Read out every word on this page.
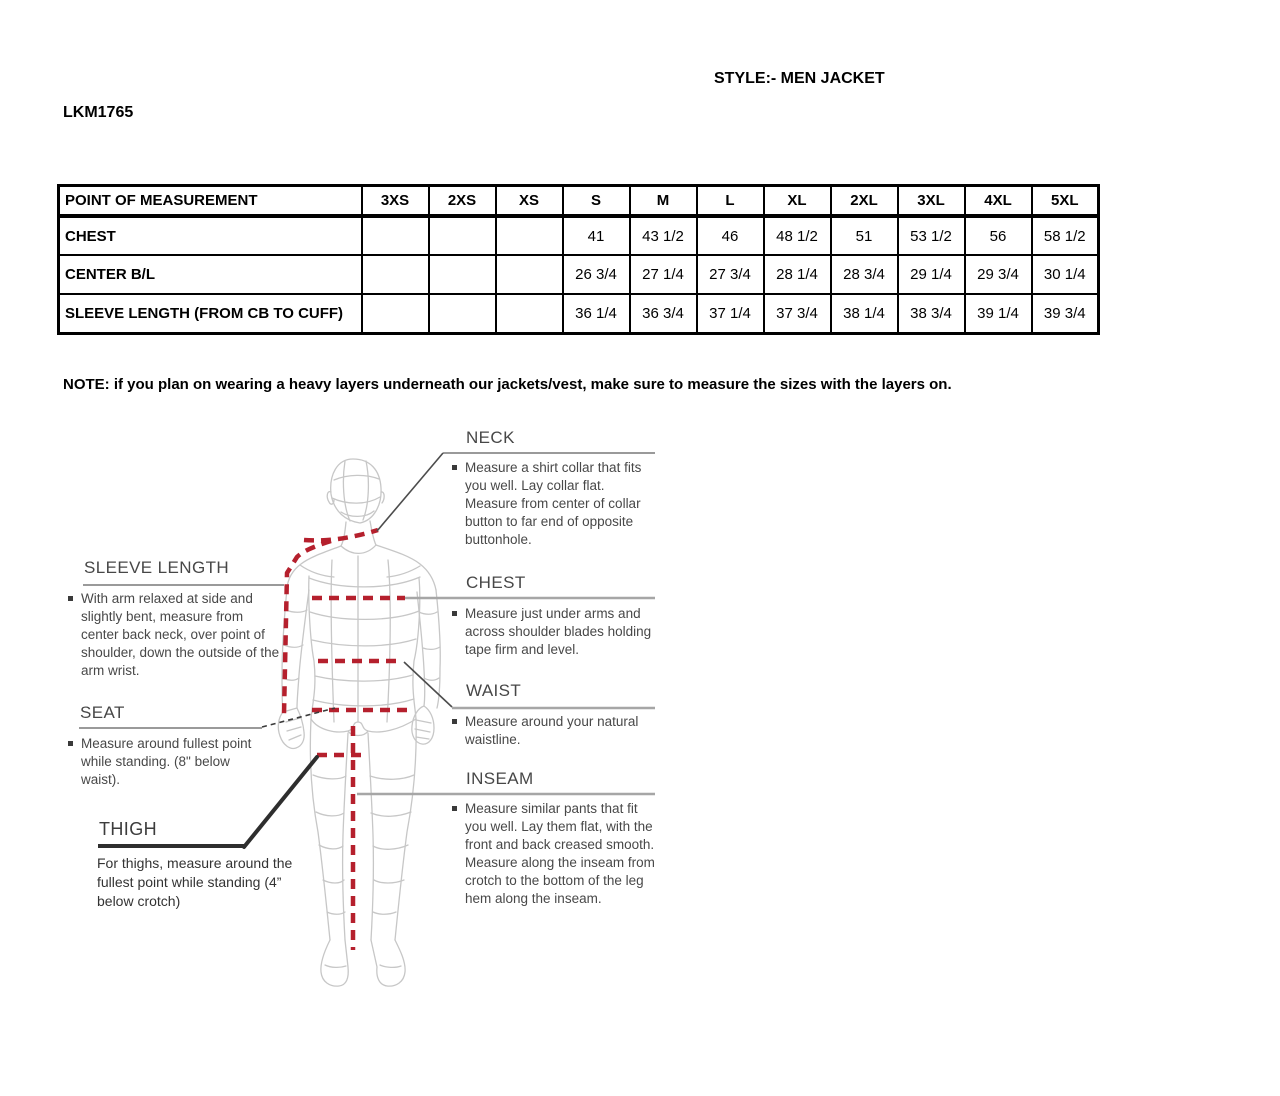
STYLE:- MEN JACKET
LKM1765
POINT OF MEASUREMENT	3XS	2XS	XS	S	M	L	XL	2XL	3XL	4XL	5XL
CHEST				41	43 1/2	46	48 1/2	51	53 1/2	56	58 1/2
CENTER B/L				26 3/4	27 1/4	27 3/4	28 1/4	28 3/4	29 1/4	29 3/4	30 1/4
SLEEVE LENGTH (FROM CB TO CUFF)				36 1/4	36 3/4	37 1/4	37 3/4	38 1/4	38 3/4	39 1/4	39 3/4
NOTE: if you plan on wearing a heavy layers underneath our jackets/vest, make sure to measure the sizes with the layers on.
NECK
CHEST
WAIST
INSEAM
SLEEVE LENGTH
SEAT
THIGH

Measure a shirt collar that fits you well. Lay collar flat. Measure from center of collar button to far end of opposite buttonhole.

Measure just under arms and across shoulder blades holding tape firm and level.

Measure around your natural waistline.

Measure similar pants that fit you well. Lay them flat, with the front and back creased smooth. Measure along the inseam from crotch to the bottom of the leg hem along the inseam.

With arm relaxed at side and slightly bent, measure from center back neck, over point of shoulder, down the outside of the arm wrist.

Measure around fullest point while standing. (8" below waist).

For thighs, measure around the fullest point while standing (4” below crotch)
